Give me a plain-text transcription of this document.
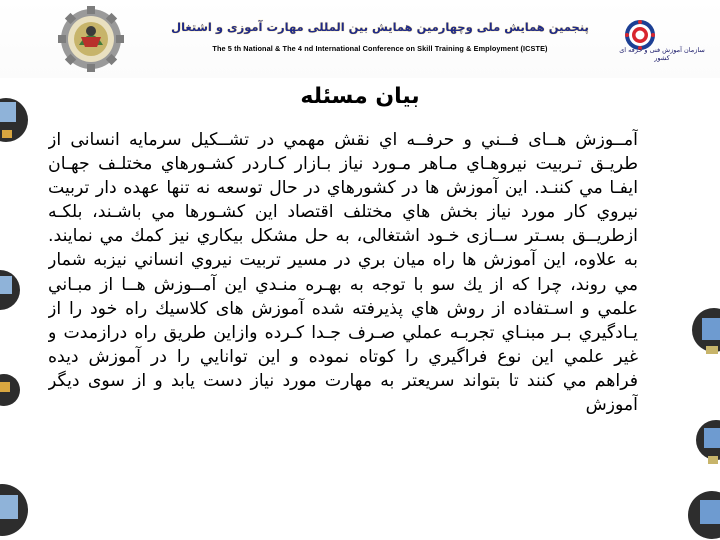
پنجمین همایش ملی وچهارمین همایش بین المللی مهارت آموزی و اشتغال
The 5 th National & The 4 nd International Conference on Skill Training & Employment (ICSTE)	سازمان آموزش فنی و حرفه ای کشور
بیان مسئله
آمــوزش هــای فــني و حرفــه اي نقش مهمي در تشــكيل سرمايه انسانی از طريـق تـربيت نيروهـاي مـاهر مـورد نياز بـازار كـاردر كشـورهاي مختلـف جهـان ايفـا مي كننـد. اين آموزش ها در كشورهاي در حال توسعه نه تنها عهده دار تربيت نيروي كار مورد نياز بخش هاي مختلف اقتصاد اين كشـورها مي باشـند، بلكـه ازطريــق بسـتر ســازی خـود اشتغالی، به حل مشكل بيكاري نيز كمك مي نمايند. به علاوه، اين آموزش ها راه ميان بري در مسير تربيت نيروي انساني نيزبه شمار مي روند، چرا كه از يك سو با توجه به بهـره منـدي اين آمــوزش هــا از مبـاني علمي و اسـتفاده از روش هاي پذيرفته شده آموزش های كلاسيك راه خود را از يـادگيري بـر مبنـاي تجربـه عملي صـرف جـدا كـرده وازاين طريق راه درازمدت و غير علمي اين نوع فراگيري را كوتاه نموده و اين توانايي را در آموزش ديده فراهم مي كنند تا بتواند سريعتر به مهارت مورد نياز دست يابد و از سوی ديگر آموزش
